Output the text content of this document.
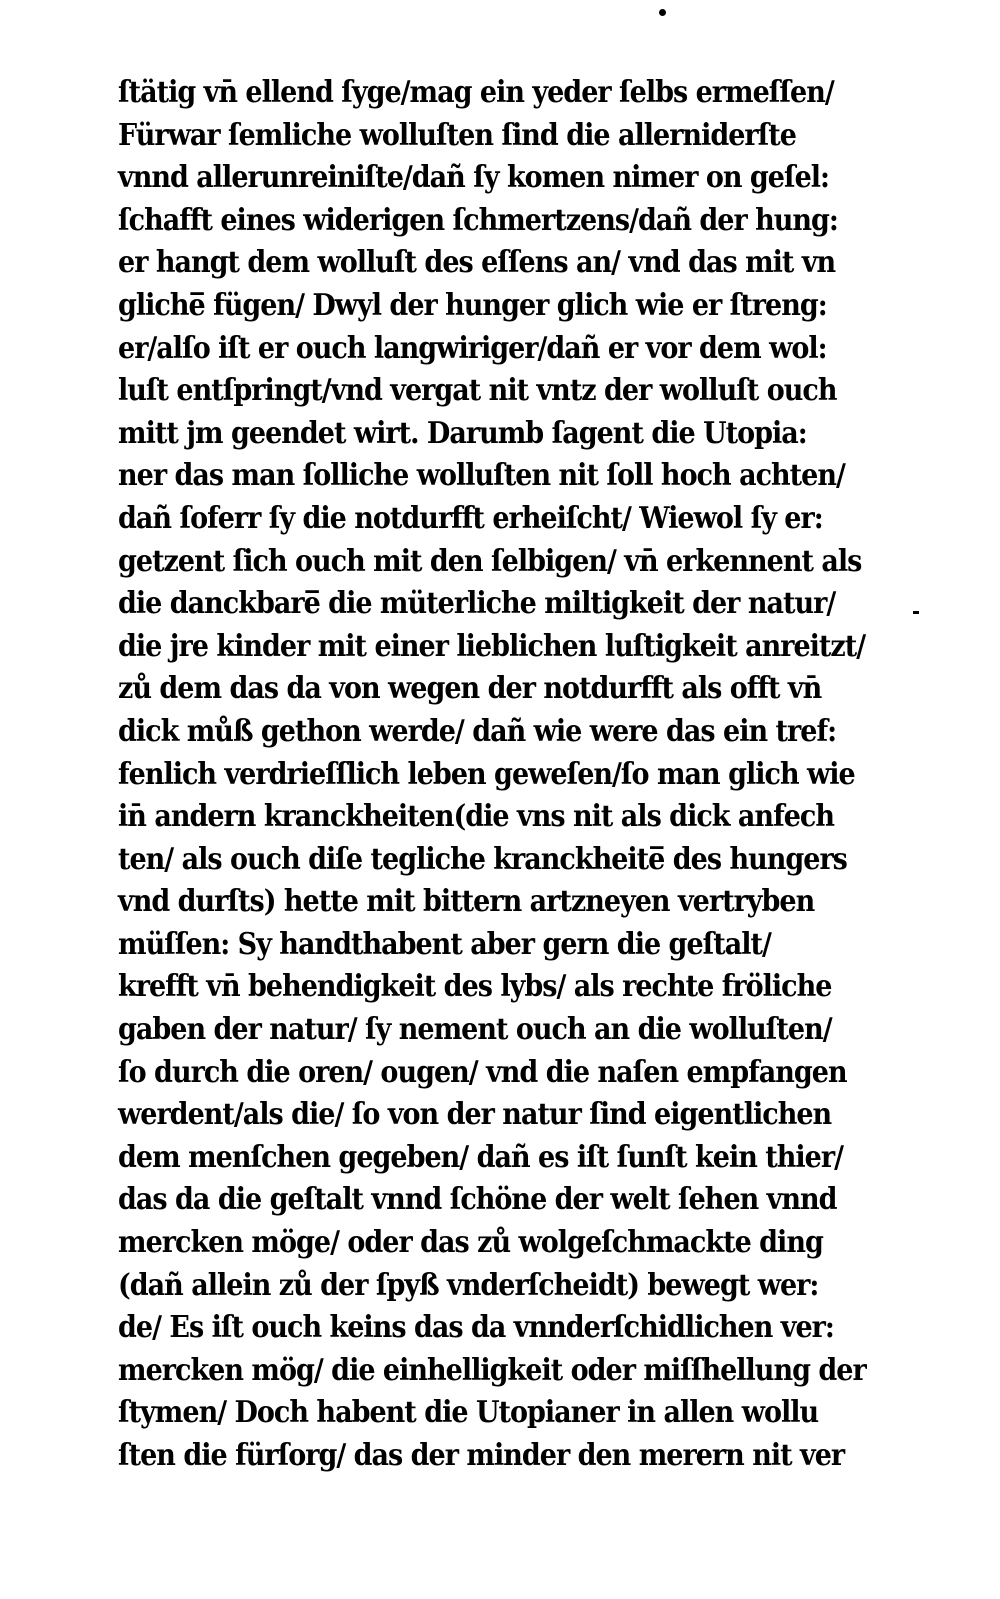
ſtätig vn̄ ellend ſyge/mag ein yeder ſelbs ermeſſen/
Fürwar ſemliche wolluſten ſind die allerniderſte
vnnd allerunreiniſte/dañ ſy komen nimer on geſel:
ſchafft eines widerigen ſchmertzens/dañ der hung:
er hangt dem wolluſt des eſſens an/ vnd das mit vn
gliche̅ fügen/ Dwyl der hunger glich wie er ſtreng:
er/alſo iſt er ouch langwiriger/dañ er vor dem wol:
luſt entſpringt/vnd vergat nit vntz der wolluſt ouch
mitt jm geendet wirt. Darumb ſagent die Utopia:
ner das man ſolliche wolluſten nit ſoll hoch achten/
dañ ſoferr ſy die notdurfft erheiſcht/ Wiewol ſy er:
getzent ſich ouch mit den ſelbigen/ vn̄ erkennent als
die danckbare̅ die müterliche miltigkeit der natur/
die jre kinder mit einer lieblichen luſtigkeit anreitzt/
zů dem das da von wegen der notdurfft als offt vn̄
dick můß gethon werde/ dañ wie were das ein tref:
fenlich verdrieſſlich leben geweſen/ſo man glich wie
in̄ andern kranckheiten(die vns nit als dick anfech
ten/ als ouch diſe tegliche kranckheite̅ des hungers
vnd durſts) hette mit bittern artzneyen vertryben
müſſen: Sy handthabent aber gern die geſtalt/
krefft vn̄ behendigkeit des lybs/ als rechte fröliche
gaben der natur/ ſy nement ouch an die wolluſten/
ſo durch die oren/ ougen/ vnd die naſen empfangen
werdent/als die/ ſo von der natur ſind eigentlichen
dem menſchen gegeben/ dañ es iſt ſunſt kein thier/
das da die geſtalt vnnd ſchöne der welt ſehen vnnd
mercken möge/ oder das zů wolgeſchmackte ding
(dañ allein zů der ſpyß vnderſcheidt) bewegt wer:
de/ Es iſt ouch keins das da vnnderſchidlichen ver:
mercken mög/ die einhelligkeit oder miſſhellung der
ſtymen/ Doch habent die Utopianer in allen wollu
ſten die fürſorg/ das der minder den merern nit ver
